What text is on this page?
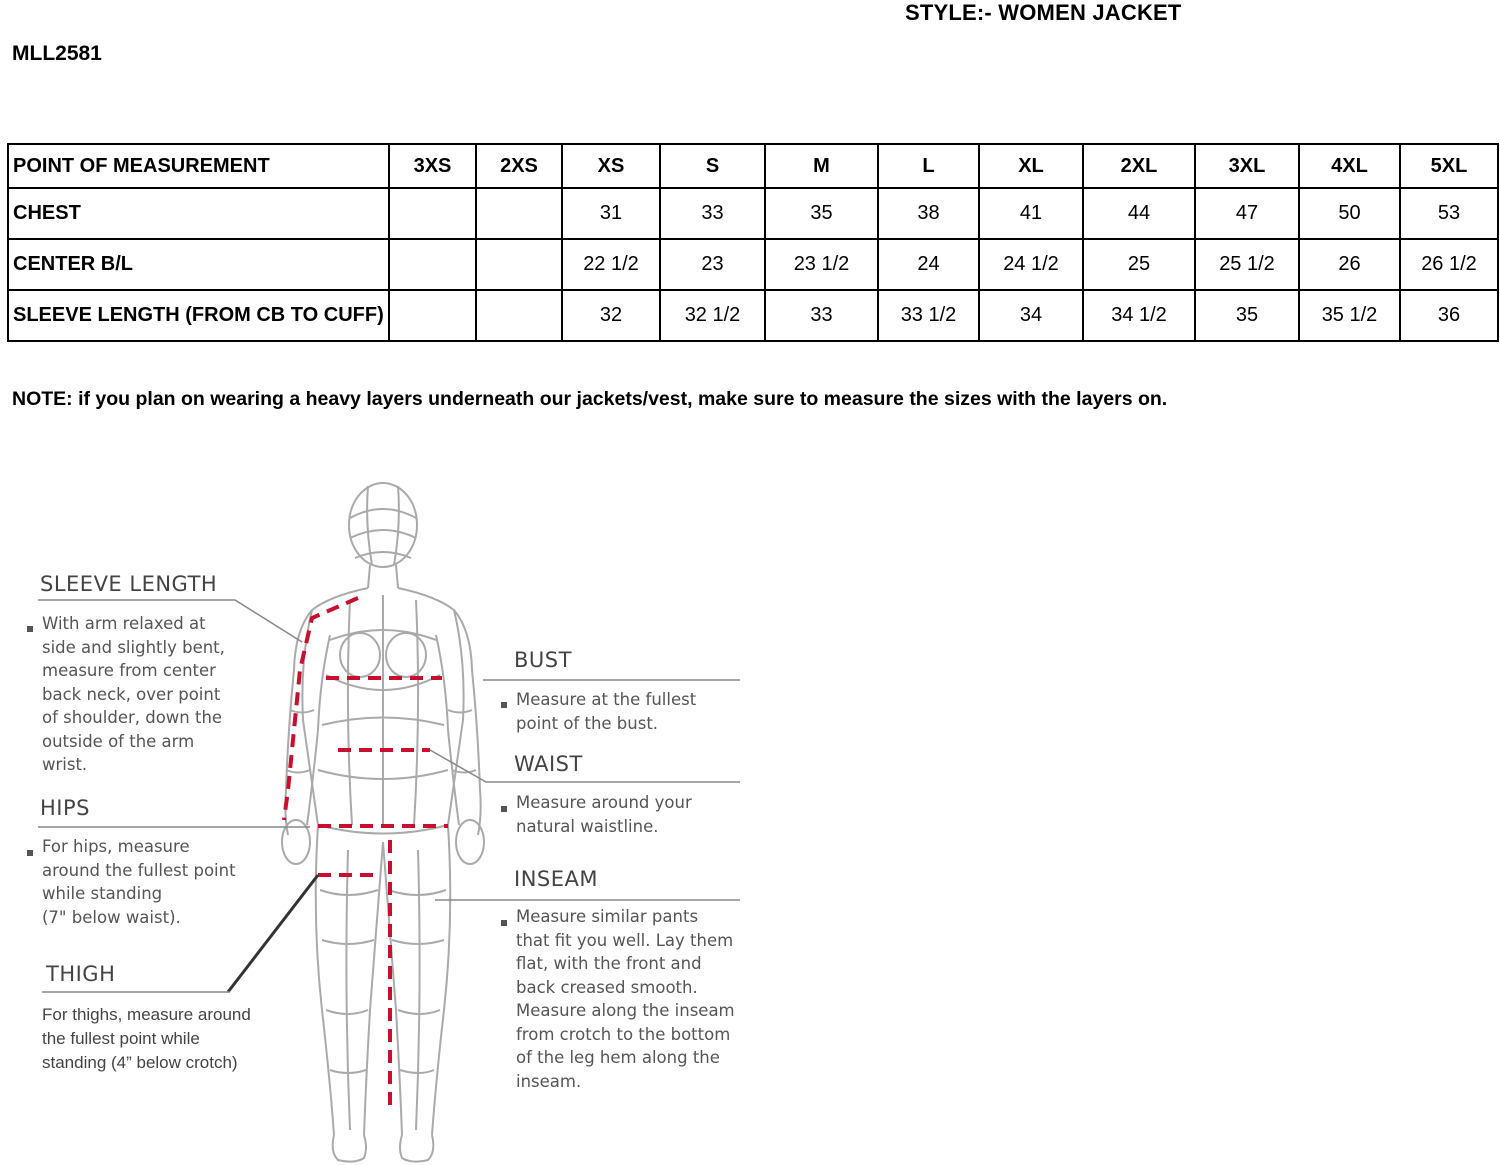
STYLE:- WOMEN JACKET
MLL2581
POINT OF MEASUREMENT	3XS	2XS	XS	S	M	L	XL	2XL	3XL	4XL	5XL
CHEST			31	33	35	38	41	44	47	50	53
CENTER B/L			22 1/2	23	23 1/2	24	24 1/2	25	25 1/2	26	26 1/2
SLEEVE LENGTH (FROM CB TO CUFF)			32	32 1/2	33	33 1/2	34	34 1/2	35	35 1/2	36
NOTE: if you plan on wearing a heavy layers underneath our jackets/vest, make sure to measure the sizes with the layers on.
SLEEVE LENGTH
With arm relaxed at
side and slightly bent,
measure from center
back neck, over point
of shoulder, down the
outside of the arm
wrist.
HIPS
For hips, measure
around the fullest point
while standing
(7" below waist).
THIGH
For thighs, measure around
the fullest point while
standing (4” below crotch)
BUST
Measure at the fullest
point of the bust.
WAIST
Measure around your
natural waistline.
INSEAM
Measure similar pants
that fit you well. Lay them
flat, with the front and
back creased smooth.
Measure along the inseam
from crotch to the bottom
of the leg hem along the
inseam.
